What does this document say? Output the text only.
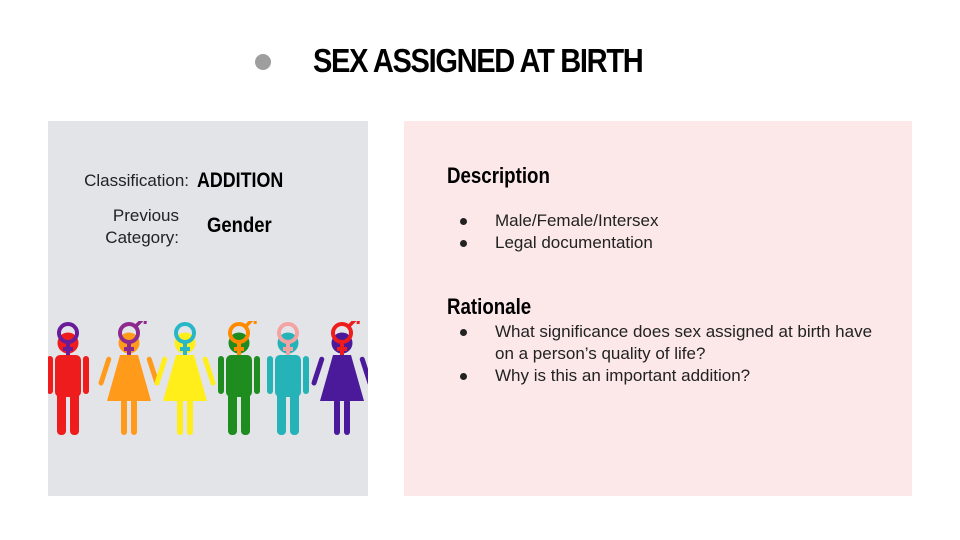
SEX ASSIGNED AT BIRTH
Classification: ADDITION
Previous Category:
Gender
Description
Male/Female/Intersex
Legal documentation
Rationale
What significance does sex assigned at birth have on a person’s quality of life?
Why is this an important addition?
